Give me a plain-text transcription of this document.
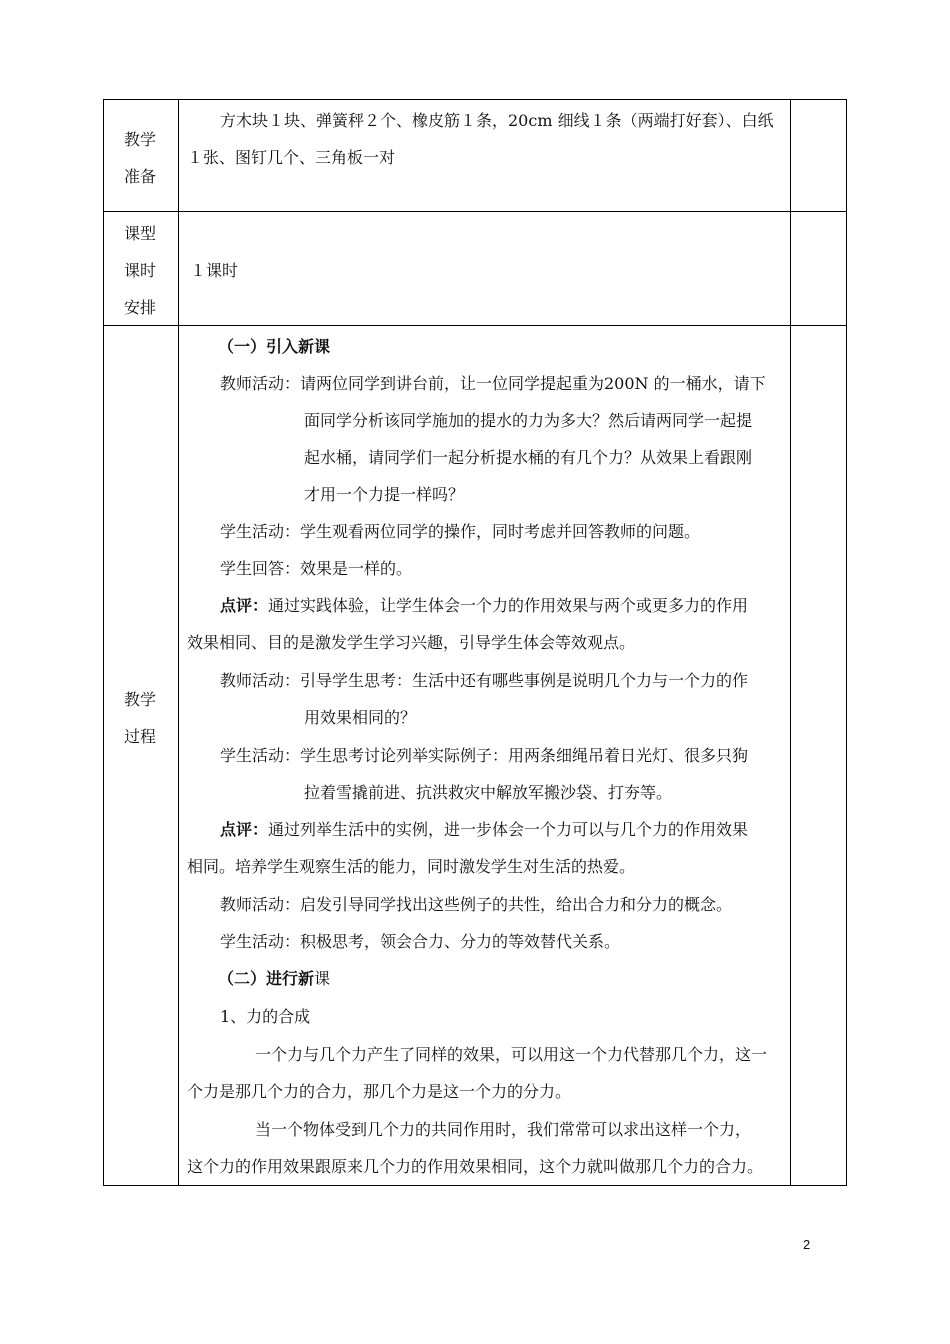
教学
准备
方木块１块、弹簧秤２个、橡皮筋１条，20cm 细线１条（两端打好套）、白纸
１张、图钉几个、三角板一对
课型
课时
安排
１课时
教学
过程
（一）引入新课
教师活动：请两位同学到讲台前，让一位同学提起重为200N 的一桶水，请下
面同学分析该同学施加的提水的力为多大？然后请两同学一起提
起水桶，请同学们一起分析提水桶的有几个力？从效果上看跟刚
才用一个力提一样吗？
学生活动：学生观看两位同学的操作，同时考虑并回答教师的问题。
学生回答：效果是一样的。
点评：通过实践体验，让学生体会一个力的作用效果与两个或更多力的作用
效果相同、目的是激发学生学习兴趣，引导学生体会等效观点。
教师活动：引导学生思考：生活中还有哪些事例是说明几个力与一个力的作
用效果相同的？
学生活动：学生思考讨论列举实际例子：用两条细绳吊着日光灯、很多只狗
拉着雪撬前进、抗洪救灾中解放军搬沙袋、打夯等。
点评：通过列举生活中的实例，进一步体会一个力可以与几个力的作用效果
相同。培养学生观察生活的能力，同时激发学生对生活的热爱。
教师活动：启发引导同学找出这些例子的共性，给出合力和分力的概念。
学生活动：积极思考，领会合力、分力的等效替代关系。
（二）进行新课
1、力的合成
一个力与几个力产生了同样的效果，可以用这一个力代替那几个力，这一
个力是那几个力的合力，那几个力是这一个力的分力。
当一个物体受到几个力的共同作用时，我们常常可以求出这样一个力，
这个力的作用效果跟原来几个力的作用效果相同，这个力就叫做那几个力的合力。
2
